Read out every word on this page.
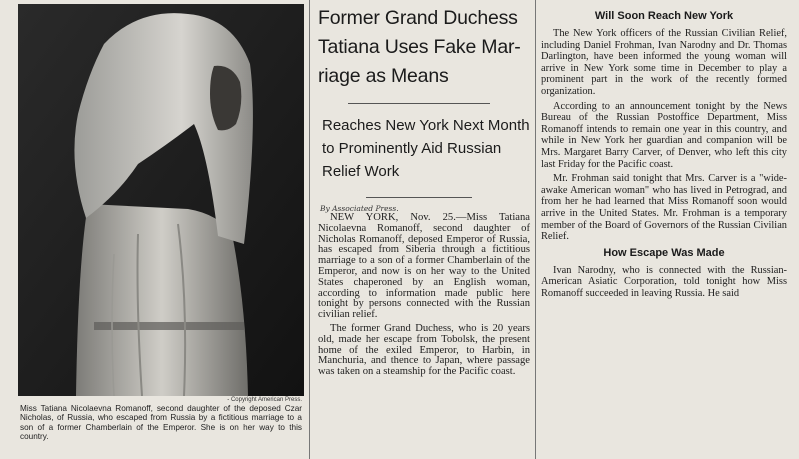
- Copyright American Press.
Miss Tatiana Nicolaevna Romanoff, second daughter of the deposed Czar Nicholas, of Russia, who escaped from Russia by a fictitious marriage to a son of a former Chamberlain of the Emperor. She is on her way to this country.
Former Grand Duchess
Tatiana Uses Fake Mar-
riage as Means
Reaches New York Next Month
to Prominently Aid Russian
Relief Work
By Associated Press.

NEW YORK, Nov. 25.—Miss Tatiana Nicolaevna Romanoff, second daughter of Nicholas Romanoff, deposed Emperor of Russia, has escaped from Siberia through a fictitious marriage to a son of a former Chamberlain of the Emperor, and now is on her way to the United States chaperoned by an English woman, according to information made public here tonight by persons connected with the Russian civilian relief.

The former Grand Duchess, who is 20 years old, made her escape from Tobolsk, the present home of the exiled Emperor, to Harbin, in Manchuria, and thence to Japan, where passage was taken on a steamship for the Pacific coast.

Will Soon Reach New York

The New York officers of the Russian Civilian Relief, including Daniel Frohman, Ivan Narodny and Dr. Thomas Darlington, have been informed the young woman will arrive in New York some time in December to play a prominent part in the work of the recently formed organization.

According to an announcement tonight by the News Bureau of the Russian Postoffice Department, Miss Romanoff intends to remain one year in this country, and while in New York her guardian and companion will be Mrs. Margaret Barry Carver, of Denver, who left this city last Friday for the Pacific coast.

Mr. Frohman said tonight that Mrs. Carver is a "wide-awake American woman" who has lived in Petrograd, and from her he had learned that Miss Romanoff soon would arrive in the United States. Mr. Frohman is a temporary member of the Board of Governors of the Russian Civilian Relief.

How Escape Was Made

Ivan Narodny, who is connected with the Russian-American Asiatic Corporation, told tonight how Miss Romanoff succeeded in leaving Russia. He said
